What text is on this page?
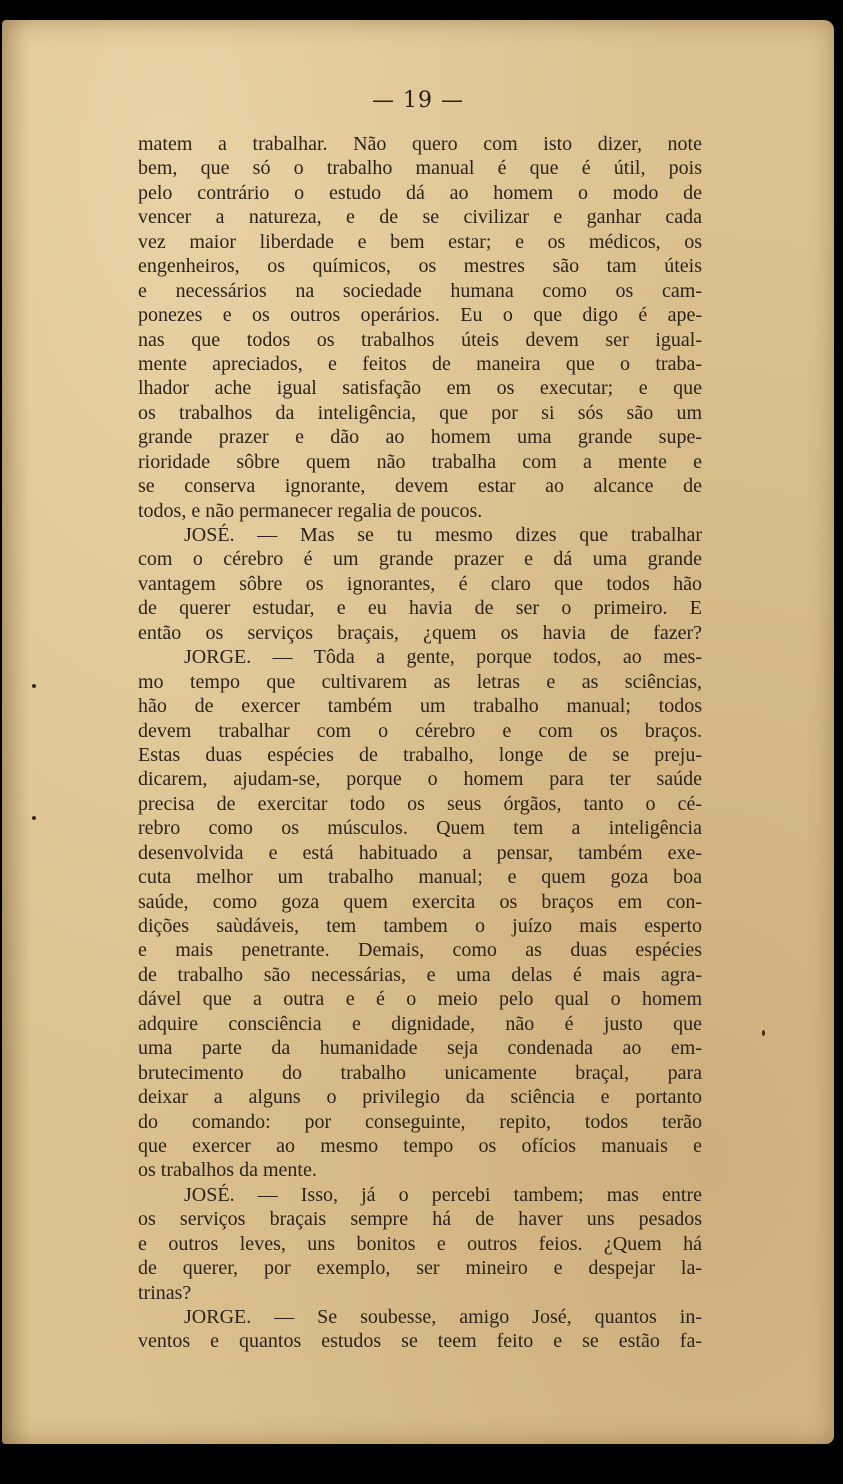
— 19 —
matem a trabalhar. Não quero com isto dizer, note
bem, que só o trabalho manual é que é útil, pois
pelo contrário o estudo dá ao homem o modo de
vencer a natureza, e de se civilizar e ganhar cada
vez maior liberdade e bem estar; e os médicos, os
engenheiros, os químicos, os mestres são tam úteis
e necessários na sociedade humana como os cam-
ponezes e os outros operários. Eu o que digo é ape-
nas que todos os trabalhos úteis devem ser igual-
mente apreciados, e feitos de maneira que o traba-
lhador ache igual satisfação em os executar; e que
os trabalhos da inteligência, que por si sós são um
grande prazer e dão ao homem uma grande supe-
rioridade sôbre quem não trabalha com a mente e
se conserva ignorante, devem estar ao alcance de
todos, e não permanecer regalia de poucos.
JOSÉ. — Mas se tu mesmo dizes que trabalhar
com o cérebro é um grande prazer e dá uma grande
vantagem sôbre os ignorantes, é claro que todos hão
de querer estudar, e eu havia de ser o primeiro. E
então os serviços braçais, ¿quem os havia de fazer?
JORGE. — Tôda a gente, porque todos, ao mes-
mo tempo que cultivarem as letras e as sciências,
hão de exercer também um trabalho manual; todos
devem trabalhar com o cérebro e com os braços.
Estas duas espécies de trabalho, longe de se preju-
dicarem, ajudam-se, porque o homem para ter saúde
precisa de exercitar todo os seus órgãos, tanto o cé-
rebro como os músculos. Quem tem a inteligência
desenvolvida e está habituado a pensar, também exe-
cuta melhor um trabalho manual; e quem goza boa
saúde, como goza quem exercita os braços em con-
dições saùdáveis, tem tambem o juízo mais esperto
e mais penetrante. Demais, como as duas espécies
de trabalho são necessárias, e uma delas é mais agra-
dável que a outra e é o meio pelo qual o homem
adquire consciência e dignidade, não é justo que
uma parte da humanidade seja condenada ao em-
brutecimento do trabalho unicamente braçal, para
deixar a alguns o privilegio da sciência e portanto
do comando: por conseguinte, repito, todos terão
que exercer ao mesmo tempo os ofícios manuais e
os trabalhos da mente.
JOSÉ. — Isso, já o percebi tambem; mas entre
os serviços braçais sempre há de haver uns pesados
e outros leves, uns bonitos e outros feios. ¿Quem há
de querer, por exemplo, ser mineiro e despejar la-
trinas?
JORGE. — Se soubesse, amigo José, quantos in-
ventos e quantos estudos se teem feito e se estão fa-
